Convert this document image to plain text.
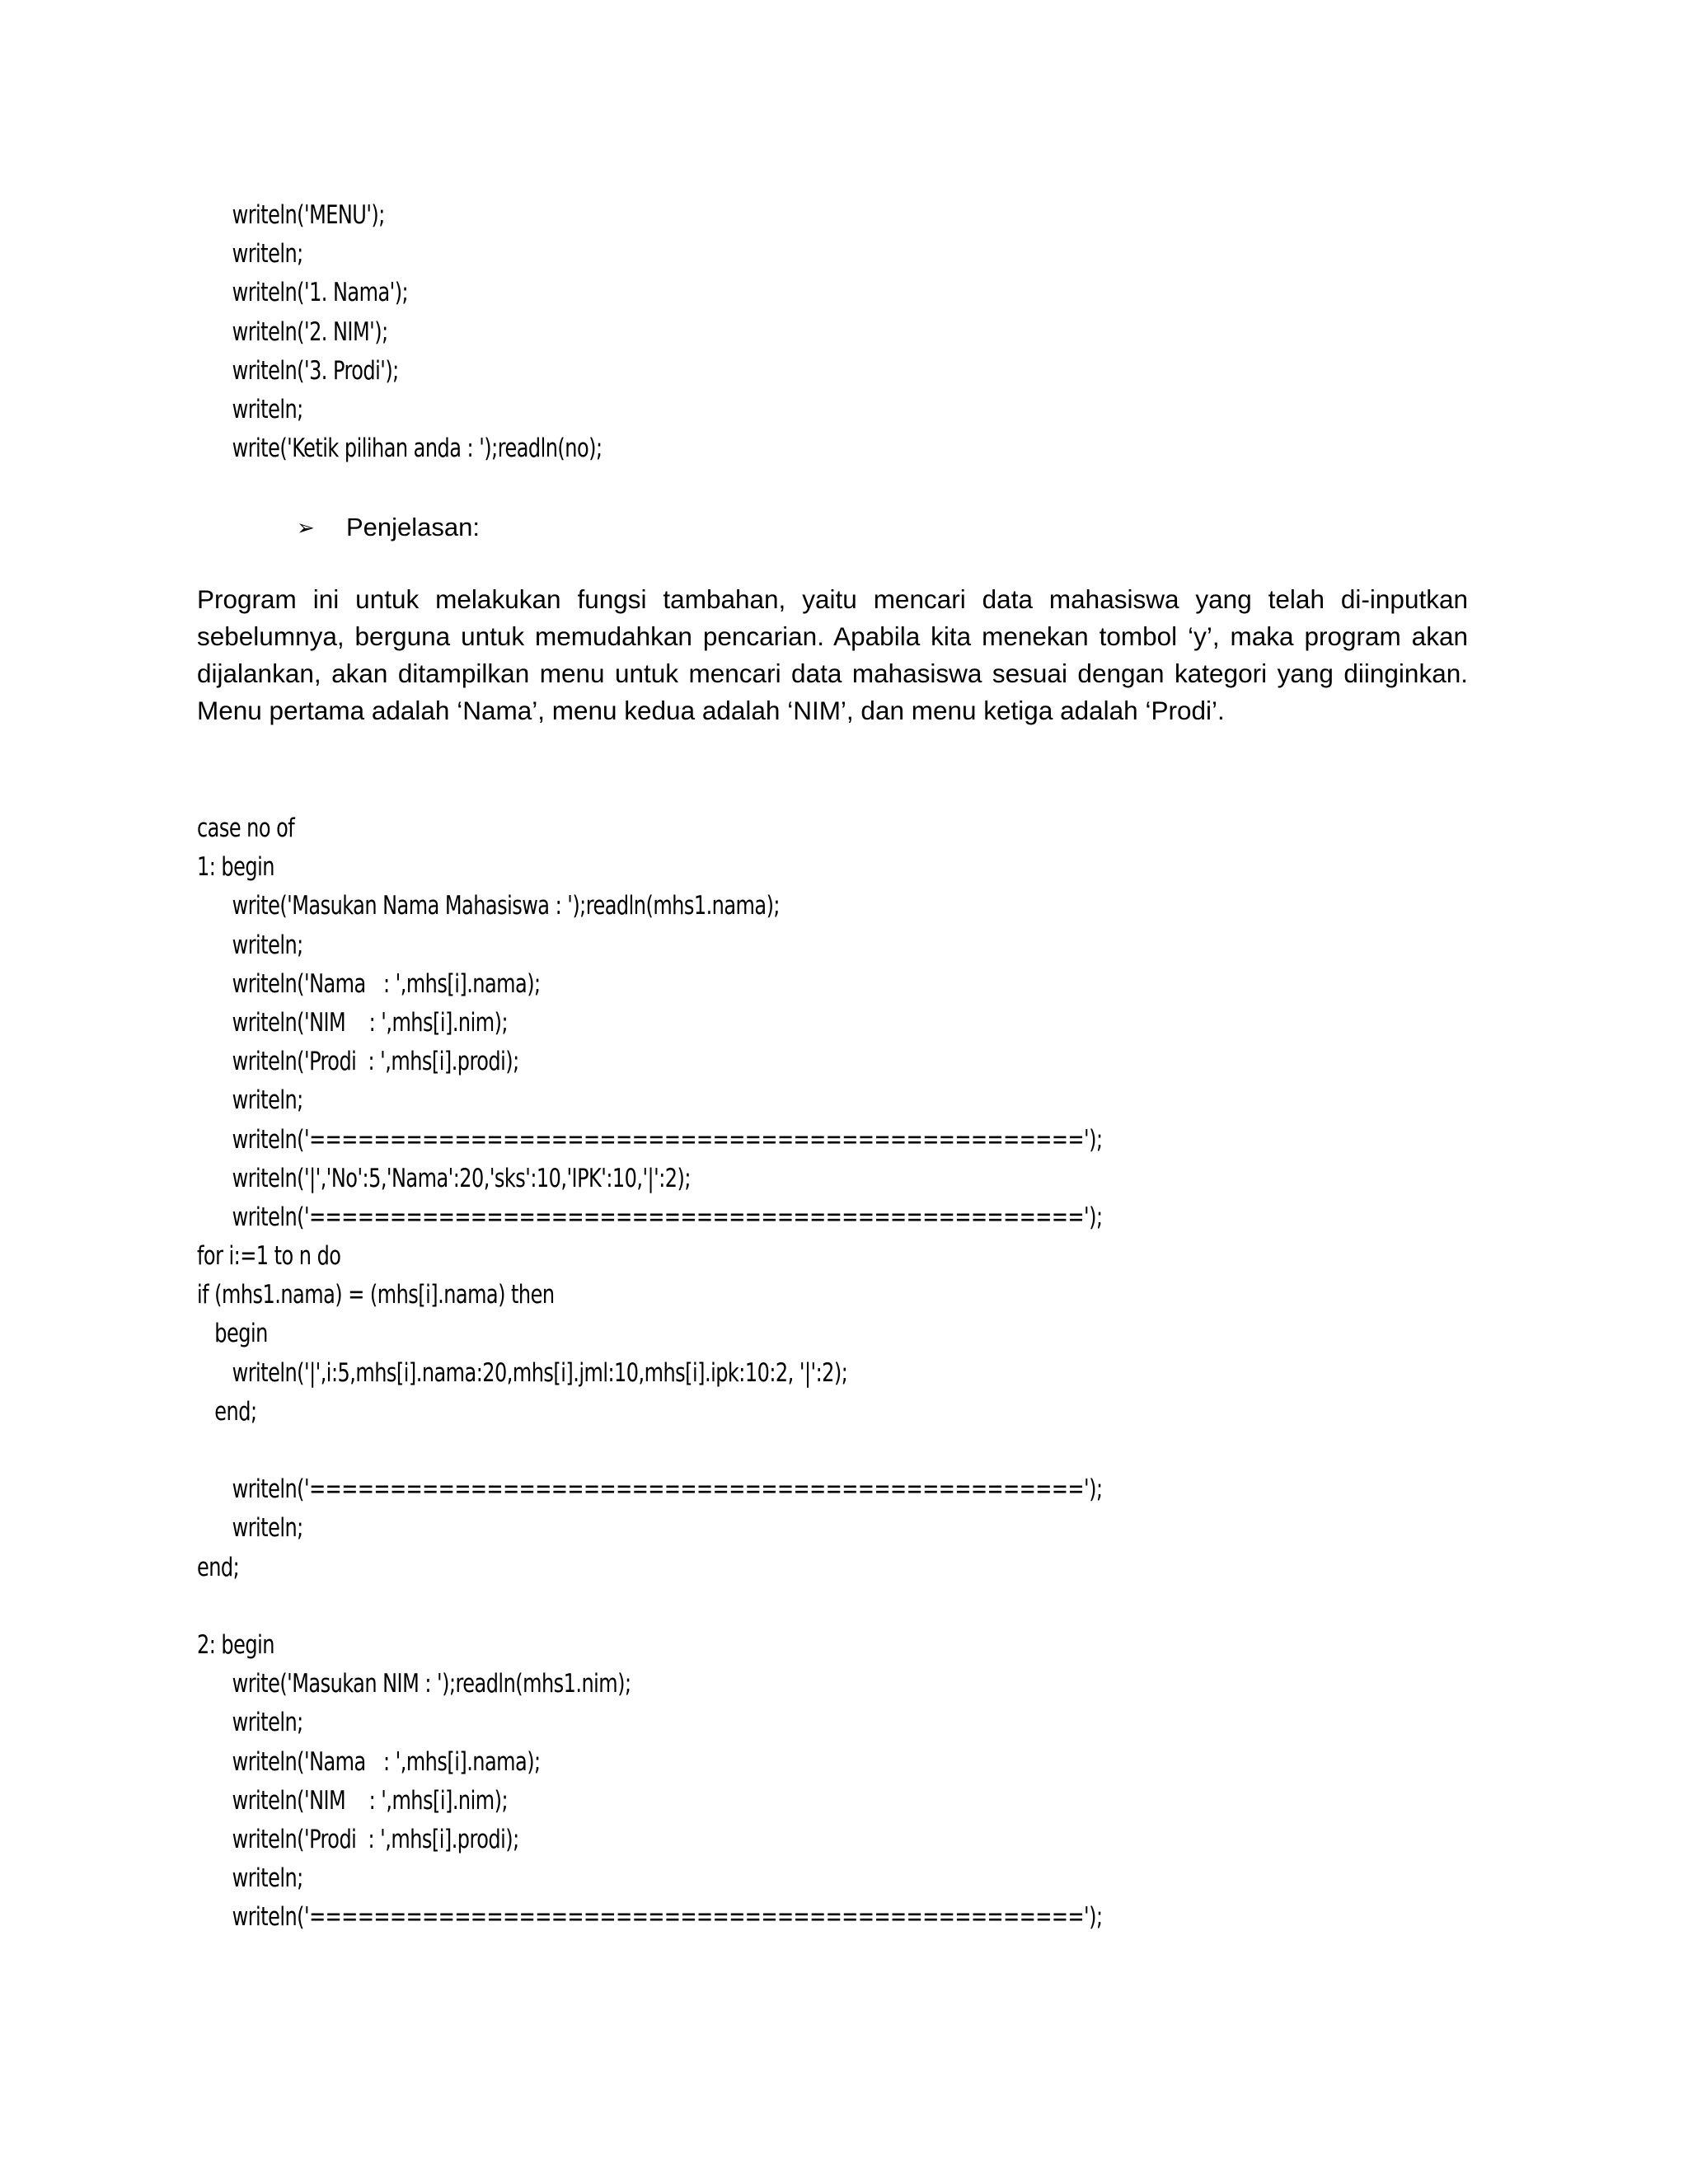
writeln('MENU');
writeln;
writeln('1. Nama');
writeln('2. NIM');
writeln('3. Prodi');
writeln;
write('Ketik pilihan anda : ');readln(no);
➢	Penjelasan:
Program ini untuk melakukan fungsi tambahan, yaitu mencari data mahasiswa yang telah di-inputkan sebelumnya, berguna untuk memudahkan pencarian. Apabila kita menekan tombol ‘y’, maka program akan dijalankan, akan ditampilkan menu untuk mencari data mahasiswa sesuai dengan kategori yang diinginkan. Menu pertama adalah ‘Nama’, menu kedua adalah ‘NIM’, dan menu ketiga adalah ‘Prodi’.
case no of
1: begin
write('Masukan Nama Mahasiswa : ');readln(mhs1.nama);
writeln;
writeln('Nama   : ',mhs[i].nama);
writeln('NIM    : ',mhs[i].nim);
writeln('Prodi  : ',mhs[i].prodi);
writeln;
writeln('================================================');
writeln('|','No':5,'Nama':20,'sks':10,'IPK':10,'|':2);
writeln('================================================');
for i:=1 to n do
if (mhs1.nama) = (mhs[i].nama) then
begin
writeln('|',i:5,mhs[i].nama:20,mhs[i].jml:10,mhs[i].ipk:10:2, '|':2);
end;
writeln('================================================');
writeln;
end;
2: begin
write('Masukan NIM : ');readln(mhs1.nim);
writeln;
writeln('Nama   : ',mhs[i].nama);
writeln('NIM    : ',mhs[i].nim);
writeln('Prodi  : ',mhs[i].prodi);
writeln;
writeln('================================================');
